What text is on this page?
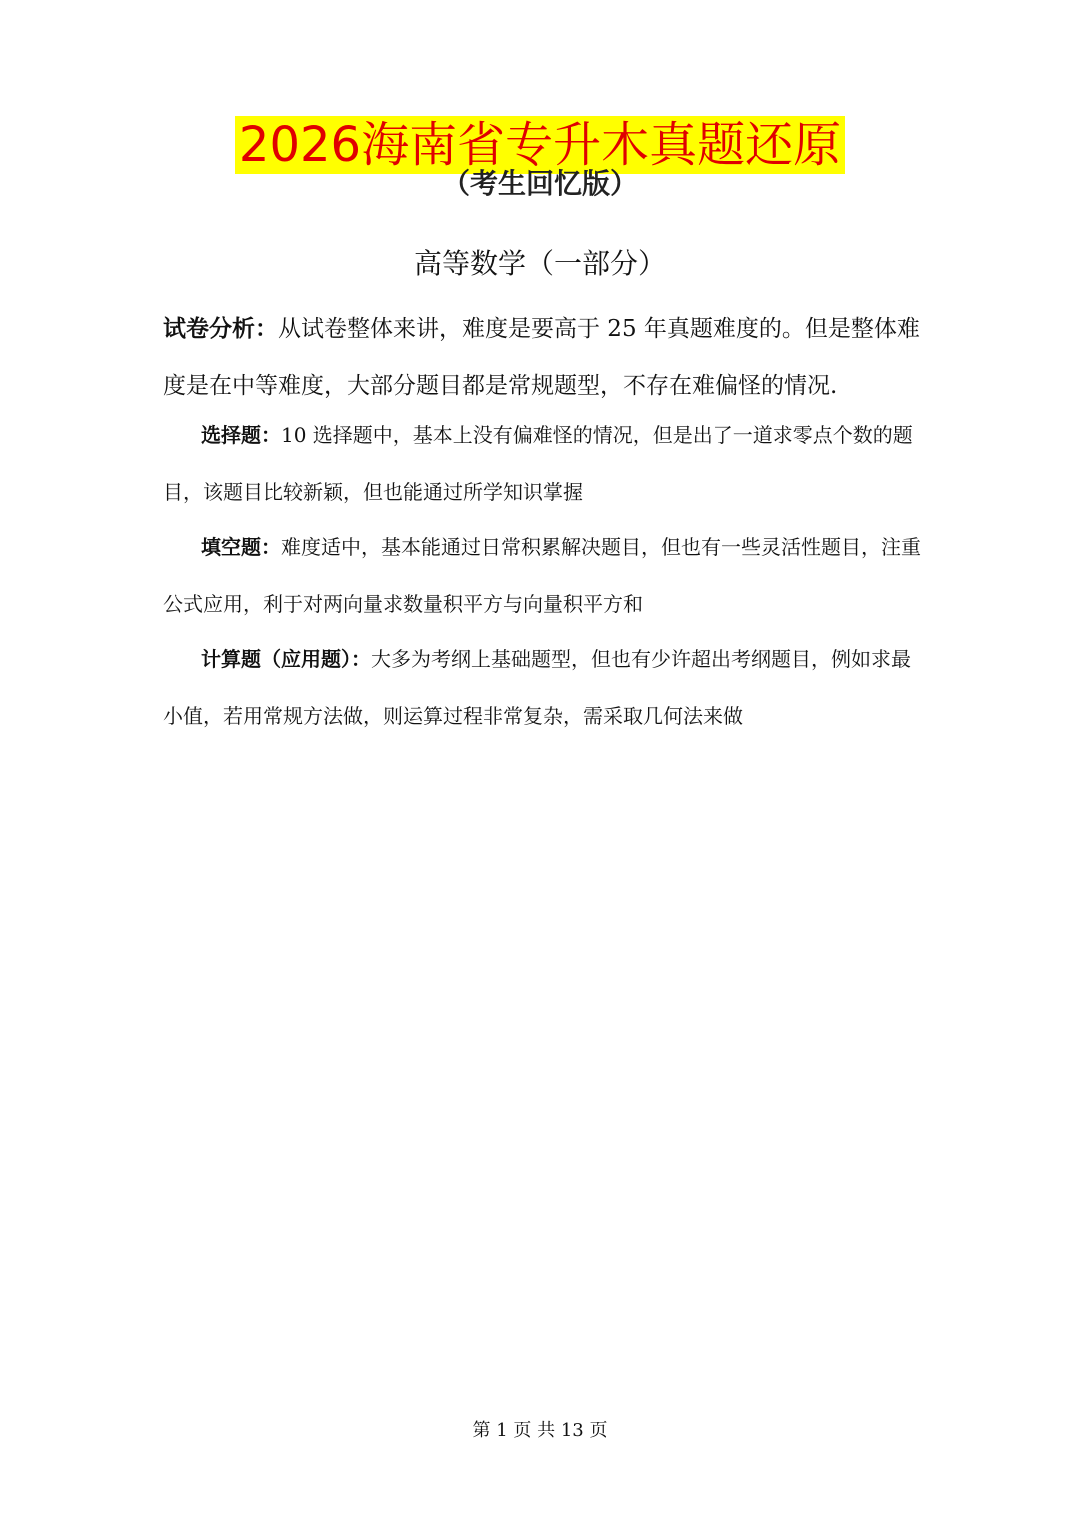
2026海南省专升木真题还原
（考生回忆版）
高等数学（一部分）
试卷分析：从试卷整体来讲，难度是要高于 25 年真题难度的。但是整体难度是在中等难度，大部分题目都是常规题型，不存在难偏怪的情况.
选择题：10 选择题中，基本上没有偏难怪的情况，但是出了一道求零点个数的题目，该题目比较新颖，但也能通过所学知识掌握
填空题：难度适中，基本能通过日常积累解决题目，但也有一些灵活性题目，注重公式应用，利于对两向量求数量积平方与向量积平方和
计算题（应用题）：大多为考纲上基础题型，但也有少许超出考纲题目，例如求最小值，若用常规方法做，则运算过程非常复杂，需采取几何法来做
第 1 页 共 13 页
